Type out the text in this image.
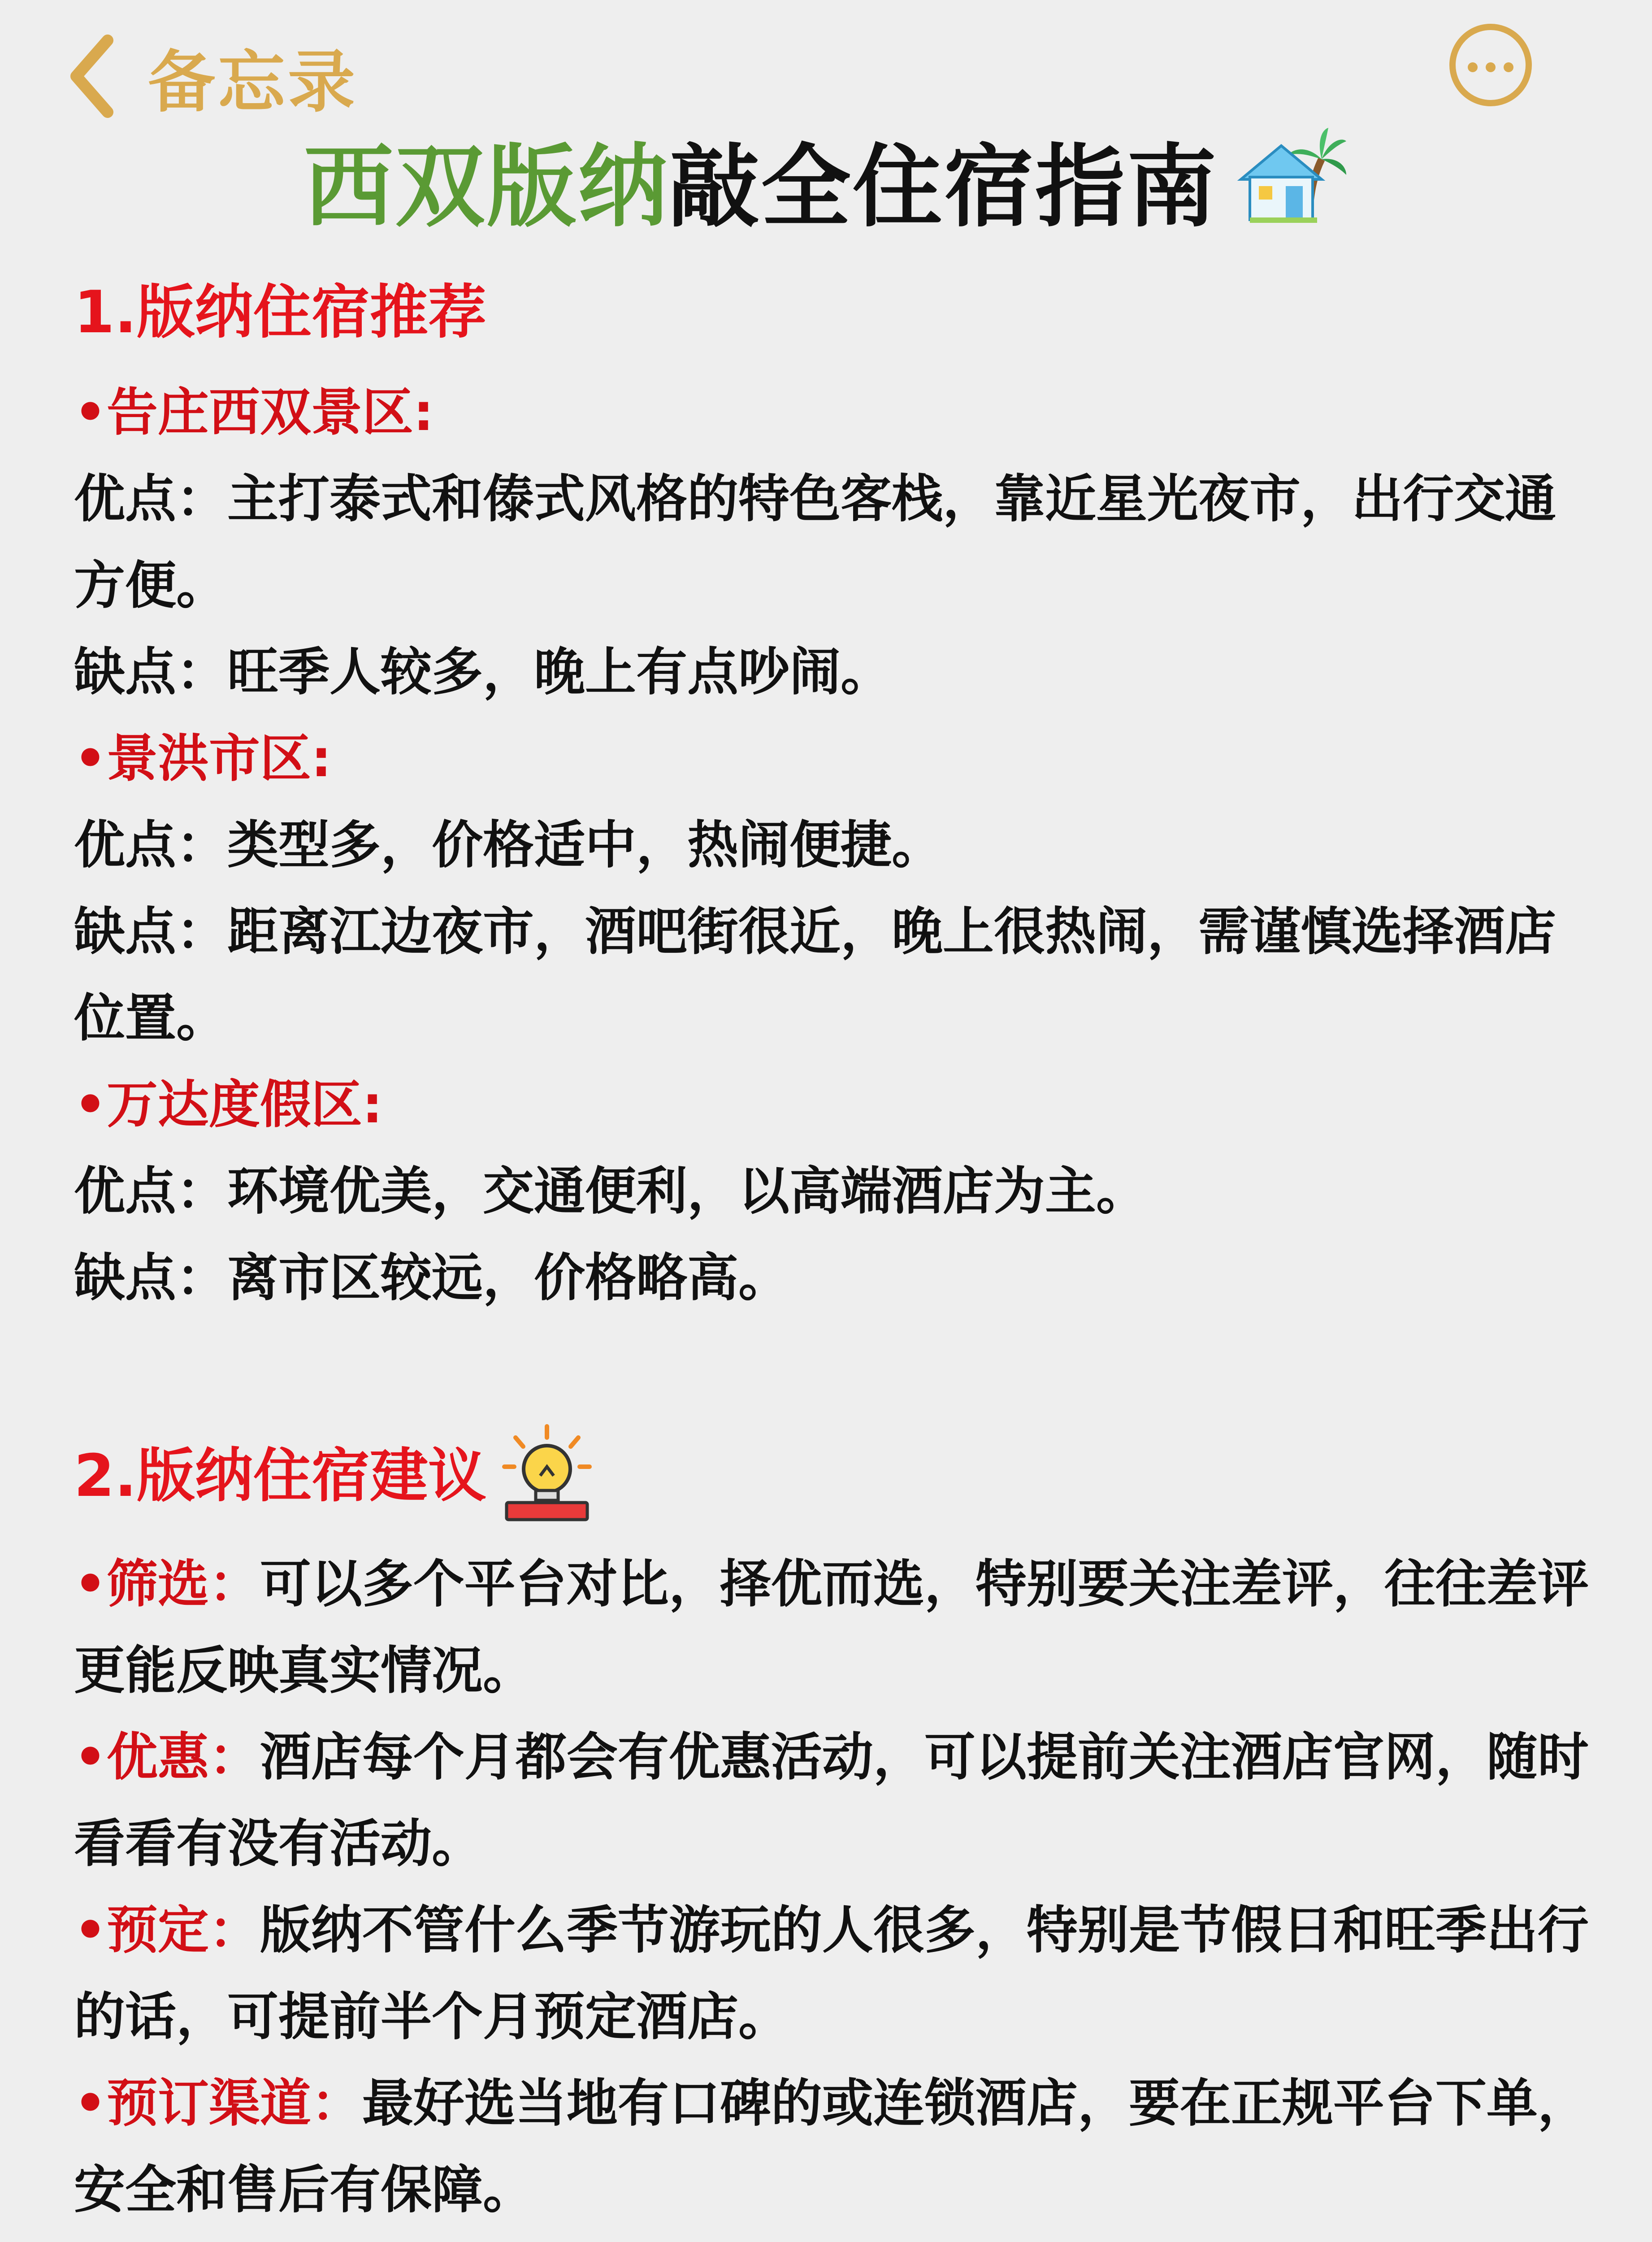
备忘录
西双版纳敲全住宿指南
1.版纳住宿推荐

•告庄西双景区:

优点：主打泰式和傣式风格的特色客栈，靠近星光夜市，出行交通方便。

缺点：旺季人较多，晚上有点吵闹。

•景洪市区:

优点：类型多，价格适中，热闹便捷。

缺点：距离江边夜市，酒吧街很近，晚上很热闹，需谨慎选择酒店位置。

•万达度假区:

优点：环境优美，交通便利，以高端酒店为主。

缺点：离市区较远，价格略高。

2.版纳住宿建议

•筛选：可以多个平台对比，择优而选，特别要关注差评，往往差评更能反映真实情况。

•优惠：酒店每个月都会有优惠活动，可以提前关注酒店官网，随时看看有没有活动。

•预定：版纳不管什么季节游玩的人很多，特别是节假日和旺季出行的话，可提前半个月预定酒店。

•预订渠道：最好选当地有口碑的或连锁酒店，要在正规平台下单，安全和售后有保障。
